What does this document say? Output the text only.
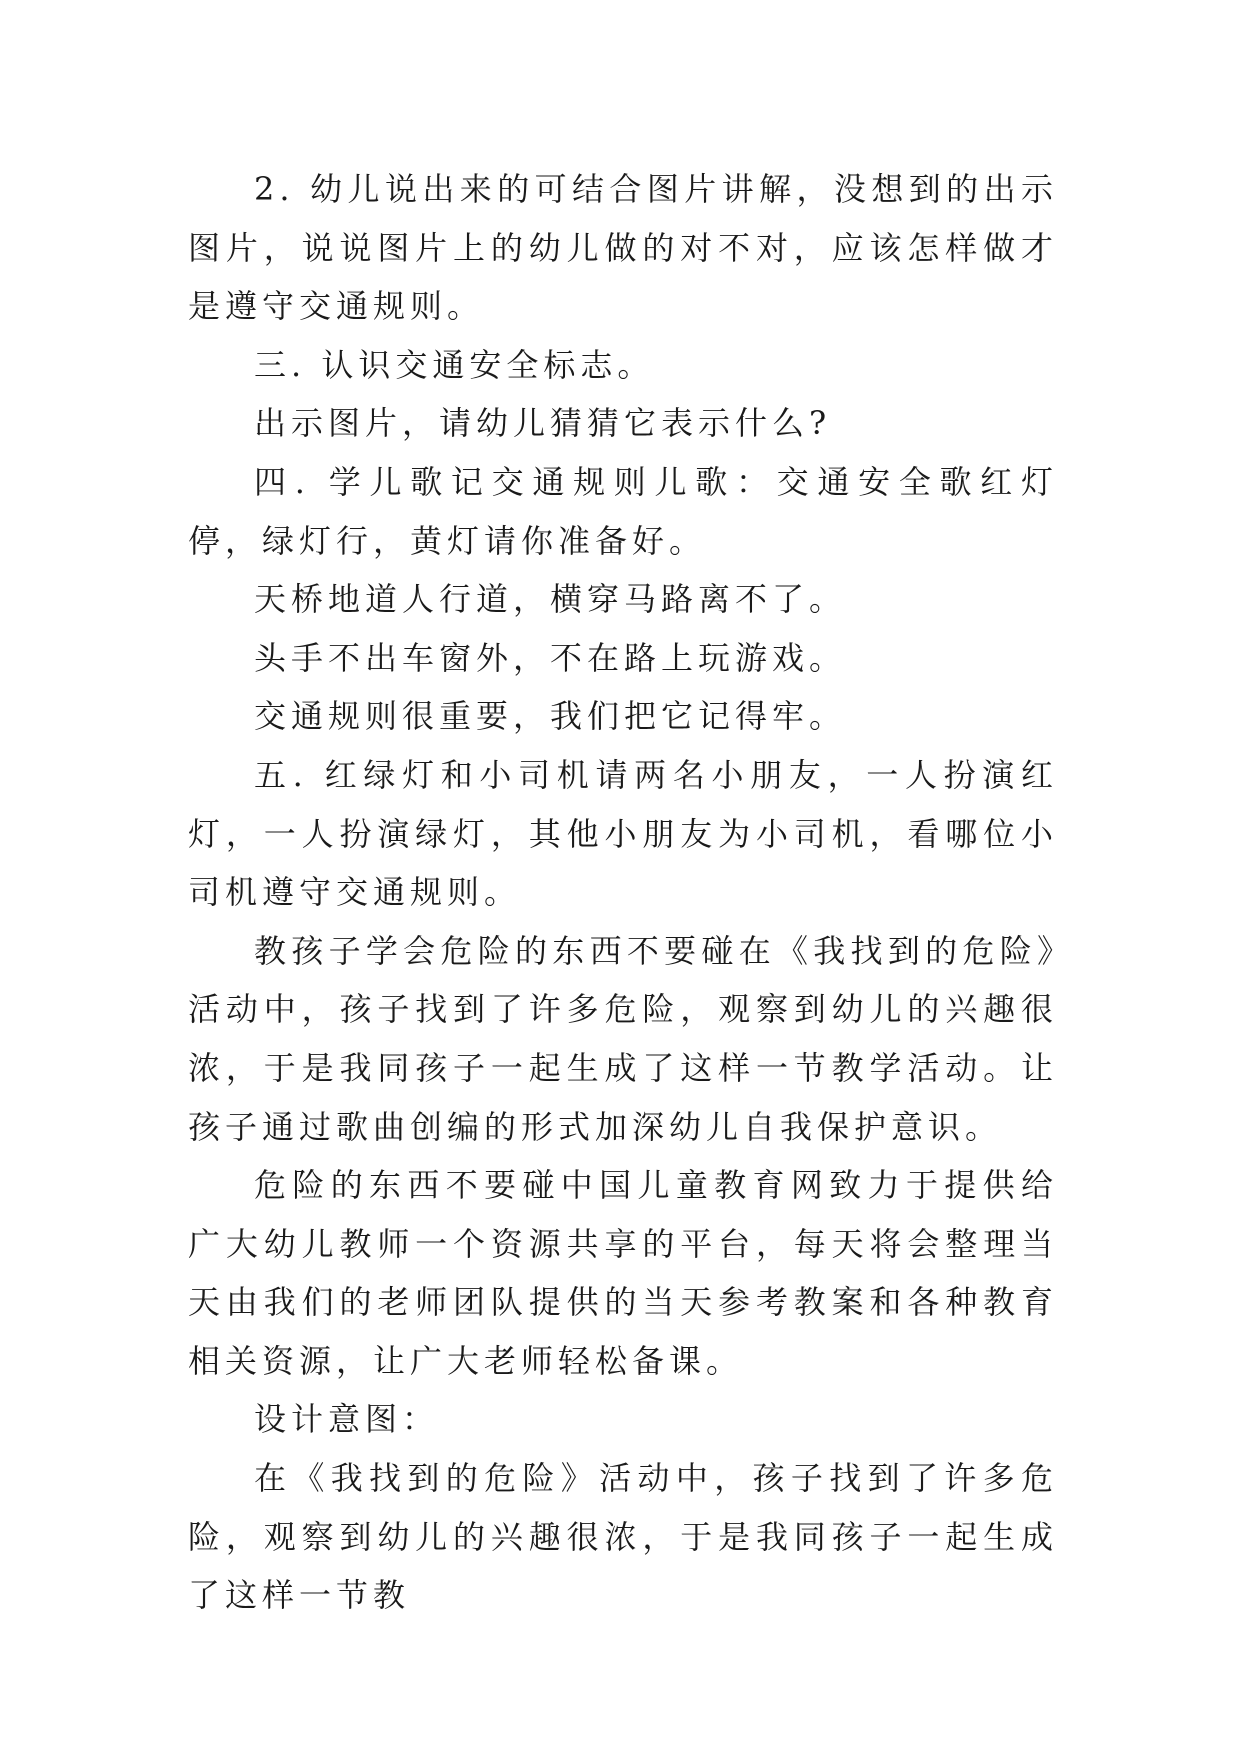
2. 幼儿说出来的可结合图片讲解，没想到的出示图片，说说图片上的幼儿做的对不对，应该怎样做才是遵守交通规则。

三. 认识交通安全标志。

出示图片，请幼儿猜猜它表示什么?

四. 学儿歌记交通规则儿歌：交通安全歌红灯停，绿灯行，黄灯请你准备好。

天桥地道人行道，横穿马路离不了。

头手不出车窗外，不在路上玩游戏。

交通规则很重要，我们把它记得牢。

五. 红绿灯和小司机请两名小朋友，一人扮演红灯，一人扮演绿灯，其他小朋友为小司机，看哪位小司机遵守交通规则。

教孩子学会危险的东西不要碰在《我找到的危险》活动中，孩子找到了许多危险，观察到幼儿的兴趣很浓，于是我同孩子一起生成了这样一节教学活动。让孩子通过歌曲创编的形式加深幼儿自我保护意识。

危险的东西不要碰中国儿童教育网致力于提供给广大幼儿教师一个资源共享的平台，每天将会整理当天由我们的老师团队提供的当天参考教案和各种教育相关资源，让广大老师轻松备课。

设计意图：

在《我找到的危险》活动中，孩子找到了许多危险，观察到幼儿的兴趣很浓，于是我同孩子一起生成了这样一节教
